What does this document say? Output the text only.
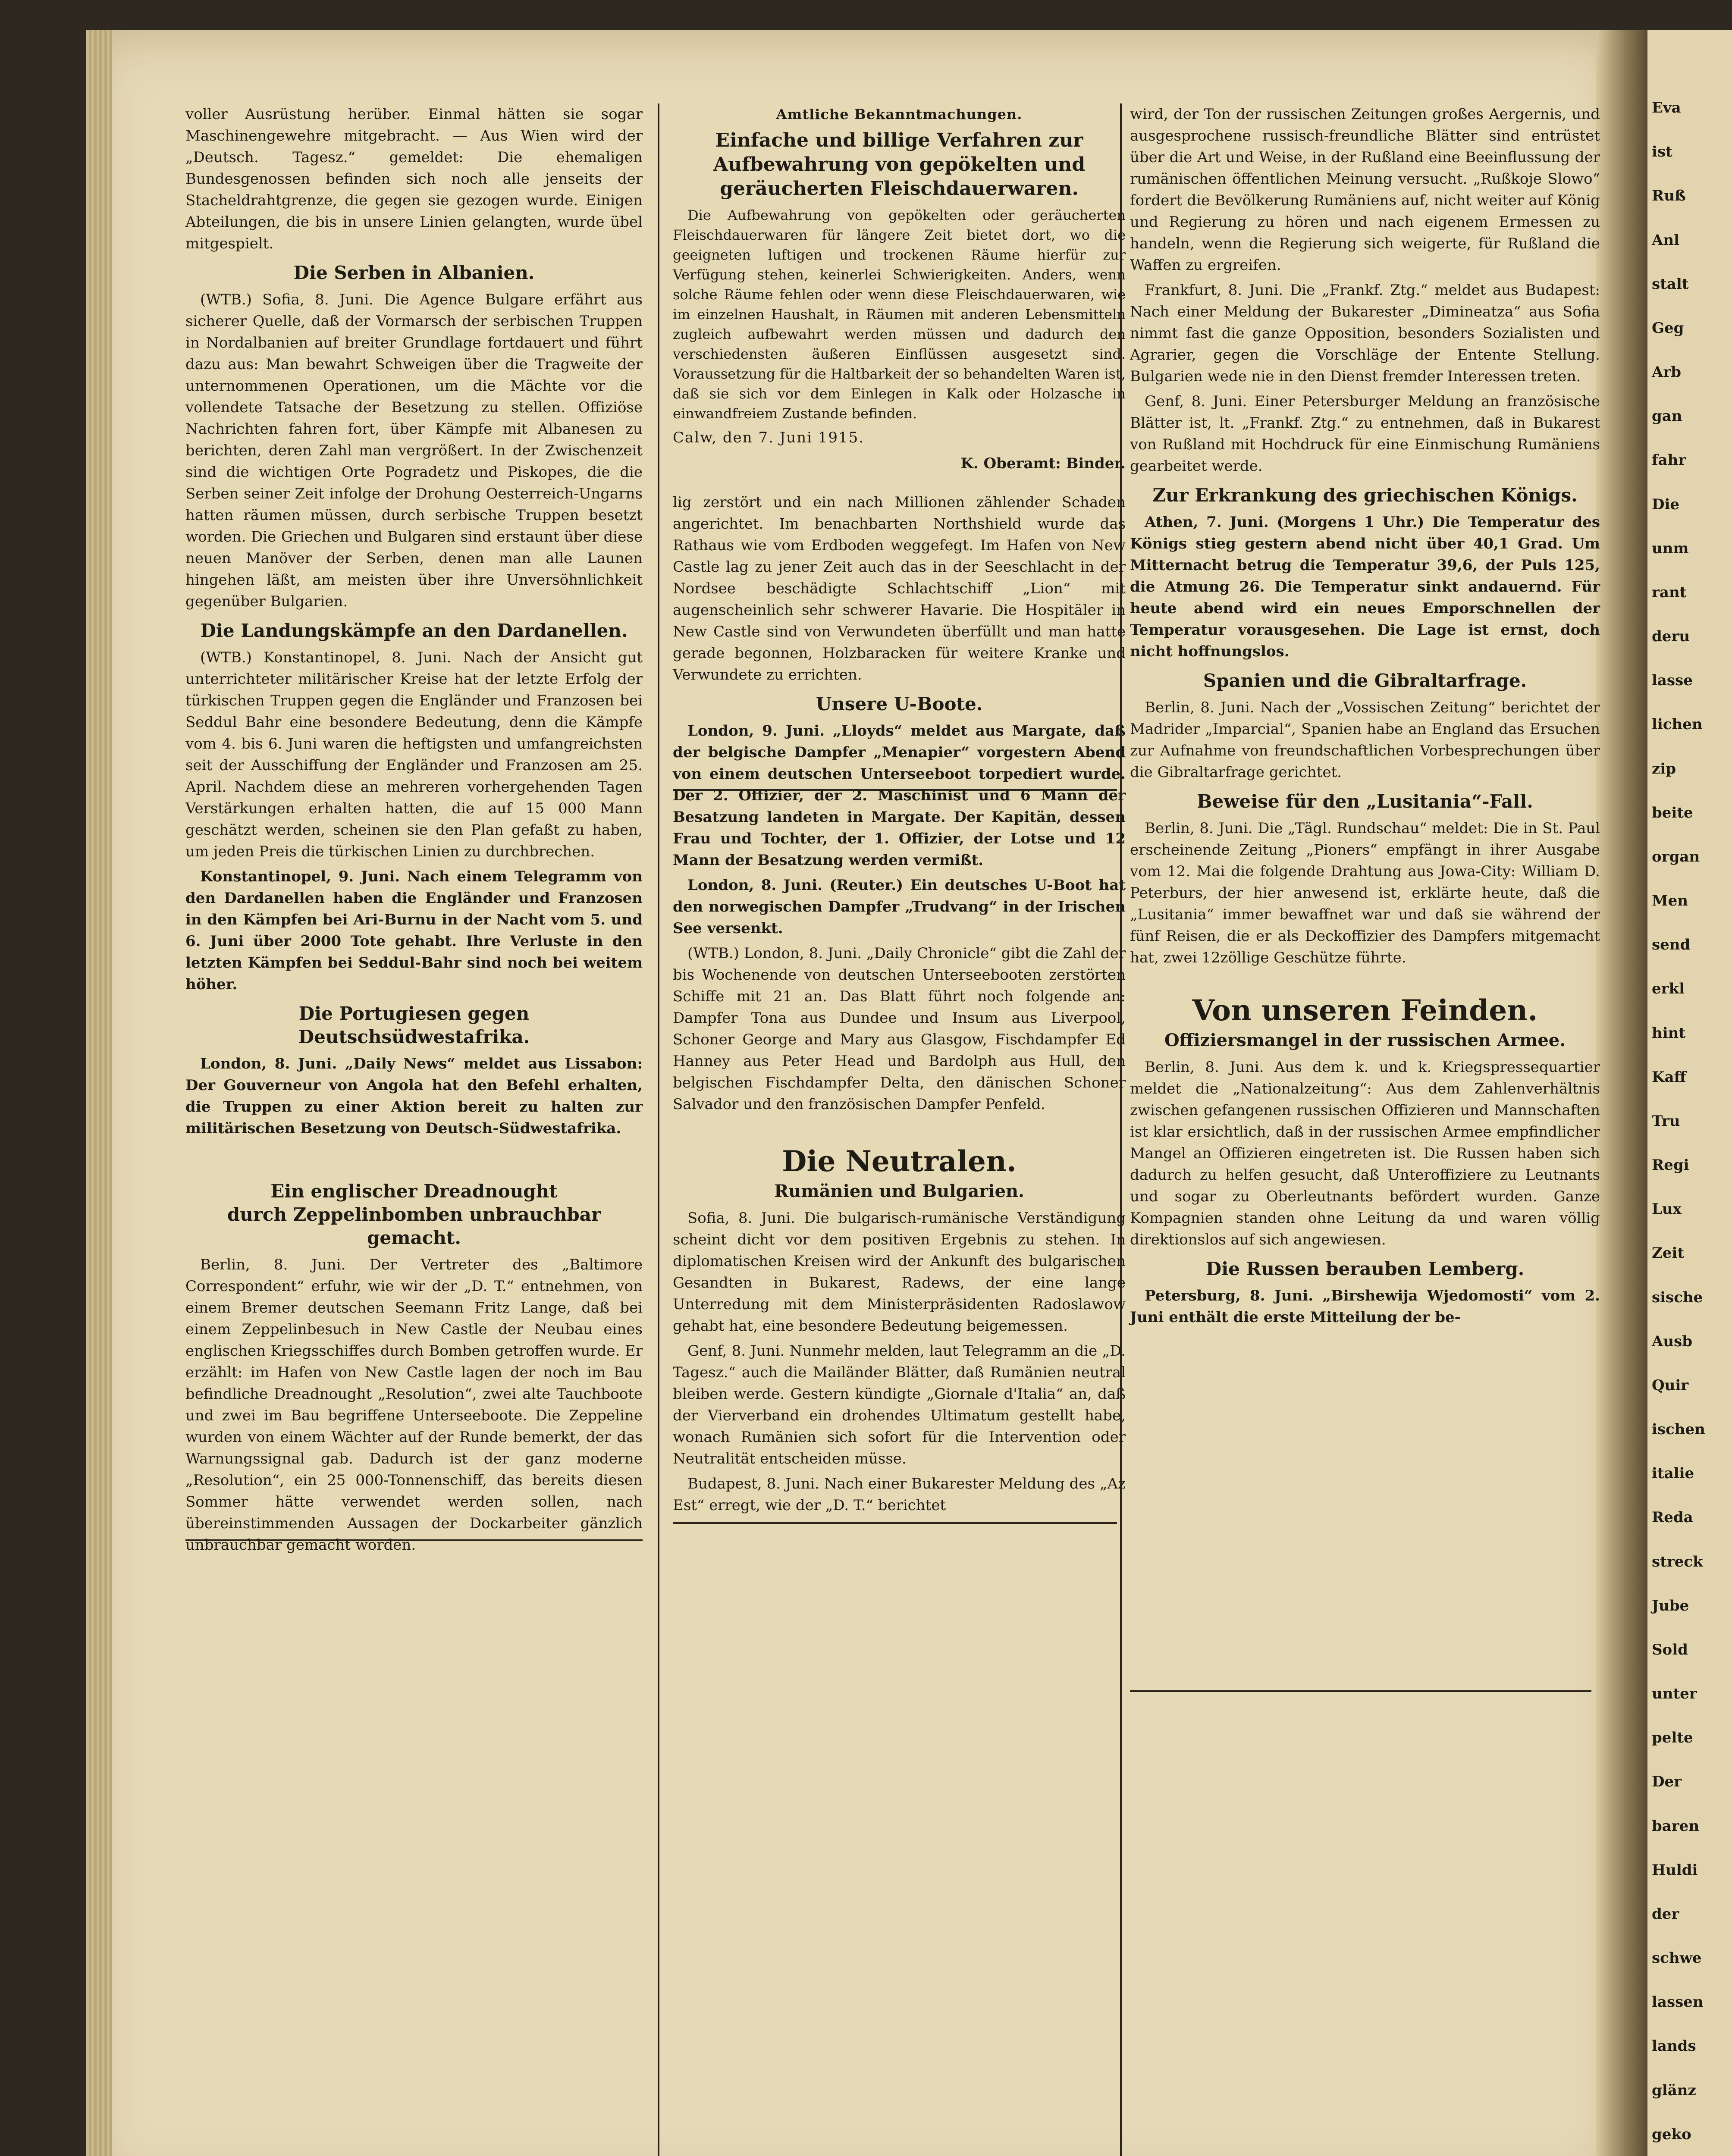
Eva
ist
Ruß
Anl
stalt
Geg
Arb
gan
fahr
Die
unm
rant
deru
lasse
lichen
zip
beite
organ
Men
send
erkl
hint
Kaff
Tru
Regi
Lux
Zeit
sische
Ausb
Quir
ischen
italie
Reda
streck
Jube
Sold
unter
pelte
Der
baren
Huldi
der
schwe
lassen
lands
glänz
geko

voller Ausrüstung herüber. Einmal hätten sie sogar Maschinengewehre mitgebracht. — Aus Wien wird der „Deutsch. Tagesz.“ gemeldet: Die ehemaligen Bundesgenossen befinden sich noch alle jenseits der Stacheldrahtgrenze, die gegen sie gezogen wurde. Einigen Abteilungen, die bis in unsere Linien gelangten, wurde übel mitgespielt.

Die Serben in Albanien.

(WTB.) Sofia, 8. Juni. Die Agence Bulgare erfährt aus sicherer Quelle, daß der Vormarsch der serbischen Truppen in Nordalbanien auf breiter Grundlage fortdauert und führt dazu aus: Man bewahrt Schweigen über die Tragweite der unternommenen Operationen, um die Mächte vor die vollendete Tatsache der Besetzung zu stellen. Offiziöse Nachrichten fahren fort, über Kämpfe mit Albanesen zu berichten, deren Zahl man vergrößert. In der Zwischenzeit sind die wichtigen Orte Pogradetz und Piskopes, die die Serben seiner Zeit infolge der Drohung Oesterreich-Ungarns hatten räumen müssen, durch serbische Truppen besetzt worden. Die Griechen und Bulgaren sind erstaunt über diese neuen Manöver der Serben, denen man alle Launen hingehen läßt, am meisten über ihre Unversöhnlichkeit gegenüber Bulgarien.

Die Landungskämpfe an den Dardanellen.

(WTB.) Konstantinopel, 8. Juni. Nach der Ansicht gut unterrichteter militärischer Kreise hat der letzte Erfolg der türkischen Truppen gegen die Engländer und Franzosen bei Seddul Bahr eine besondere Bedeutung, denn die Kämpfe vom 4. bis 6. Juni waren die heftigsten und umfangreichsten seit der Ausschiffung der Engländer und Franzosen am 25. April. Nachdem diese an mehreren vorhergehenden Tagen Verstärkungen erhalten hatten, die auf 15 000 Mann geschätzt werden, scheinen sie den Plan gefaßt zu haben, um jeden Preis die türkischen Linien zu durchbrechen.

Konstantinopel, 9. Juni. Nach einem Telegramm von den Dardanellen haben die Engländer und Franzosen in den Kämpfen bei Ari-Burnu in der Nacht vom 5. und 6. Juni über 2000 Tote gehabt. Ihre Verluste in den letzten Kämpfen bei Seddul-Bahr sind noch bei weitem höher.

Die Portugiesen gegen Deutschsüdwestafrika.

London, 8. Juni. „Daily News“ meldet aus Lissabon: Der Gouverneur von Angola hat den Befehl erhalten, die Truppen zu einer Aktion bereit zu halten zur militärischen Besetzung von Deutsch-Südwestafrika.

Ein englischer Dreadnought
durch Zeppelinbomben unbrauchbar gemacht.

Berlin, 8. Juni. Der Vertreter des „Baltimore Correspondent“ erfuhr, wie wir der „D. T.“ entnehmen, von einem Bremer deutschen Seemann Fritz Lange, daß bei einem Zeppelinbesuch in New Castle der Neubau eines englischen Kriegsschiffes durch Bomben getroffen wurde. Er erzählt: im Hafen von New Castle lagen der noch im Bau befindliche Dreadnought „Resolution“, zwei alte Tauchboote und zwei im Bau begriffene Unterseeboote. Die Zeppeline wurden von einem Wächter auf der Runde bemerkt, der das Warnungssignal gab. Dadurch ist der ganz moderne „Resolution“, ein 25 000-Tonnenschiff, das bereits diesen Sommer hätte verwendet werden sollen, nach übereinstimmenden Aussagen der Dockarbeiter gänzlich unbrauchbar gemacht worden.

Amtliche Bekanntmachungen.
Einfache und billige Verfahren zur Aufbewahrung von gepökelten und geräucherten Fleischdauerwaren.

Die Aufbewahrung von gepökelten oder geräucherten Fleischdauerwaren für längere Zeit bietet dort, wo die geeigneten luftigen und trockenen Räume hierfür zur Verfügung stehen, keinerlei Schwierigkeiten. Anders, wenn solche Räume fehlen oder wenn diese Fleischdauerwaren, wie im einzelnen Haushalt, in Räumen mit anderen Lebensmitteln zugleich aufbewahrt werden müssen und dadurch den verschiedensten äußeren Einflüssen ausgesetzt sind. Voraussetzung für die Haltbarkeit der so behandelten Waren ist, daß sie sich vor dem Einlegen in Kalk oder Holzasche in einwandfreiem Zustande befinden.

Calw, den 7. Juni 1915.
K. Oberamt: Binder.

lig zerstört und ein nach Millionen zählender Schaden angerichtet. Im benachbarten Northshield wurde das Rathaus wie vom Erdboden weggefegt. Im Hafen von New Castle lag zu jener Zeit auch das in der Seeschlacht in der Nordsee beschädigte Schlachtschiff „Lion“ mit augenscheinlich sehr schwerer Havarie. Die Hospitäler in New Castle sind von Verwundeten überfüllt und man hatte gerade begonnen, Holzbaracken für weitere Kranke und Verwundete zu errichten.

Unsere U-Boote.

London, 9. Juni. „Lloyds“ meldet aus Margate, daß der belgische Dampfer „Menapier“ vorgestern Abend von einem deutschen Unterseeboot torpediert wurde. Der 2. Offizier, der 2. Maschinist und 6 Mann der Besatzung landeten in Margate. Der Kapitän, dessen Frau und Tochter, der 1. Offizier, der Lotse und 12 Mann der Besatzung werden vermißt.

London, 8. Juni. (Reuter.) Ein deutsches U-Boot hat den norwegischen Dampfer „Trudvang“ in der Irischen See versenkt.

(WTB.) London, 8. Juni. „Daily Chronicle“ gibt die Zahl der bis Wochenende von deutschen Unterseebooten zerstörten Schiffe mit 21 an. Das Blatt führt noch folgende an: Dampfer Tona aus Dundee und Insum aus Liverpool, Schoner George and Mary aus Glasgow, Fischdampfer Ed Hanney aus Peter Head und Bardolph aus Hull, den belgischen Fischdampfer Delta, den dänischen Schoner Salvador und den französischen Dampfer Penfeld.

Die Neutralen.
Rumänien und Bulgarien.

Sofia, 8. Juni. Die bulgarisch-rumänische Verständigung scheint dicht vor dem positiven Ergebnis zu stehen. In diplomatischen Kreisen wird der Ankunft des bulgarischen Gesandten in Bukarest, Radews, der eine lange Unterredung mit dem Ministerpräsidenten Radoslawow gehabt hat, eine besondere Bedeutung beigemessen.

Genf, 8. Juni. Nunmehr melden, laut Telegramm an die „D. Tagesz.“ auch die Mailänder Blätter, daß Rumänien neutral bleiben werde. Gestern kündigte „Giornale d'Italia“ an, daß der Vierverband ein drohendes Ultimatum gestellt habe, wonach Rumänien sich sofort für die Intervention oder Neutralität entscheiden müsse.

Budapest, 8. Juni. Nach einer Bukarester Meldung des „Az Est“ erregt, wie der „D. T.“ berichtet

wird, der Ton der russischen Zeitungen großes Aergernis, und ausgesprochene russisch-freundliche Blätter sind entrüstet über die Art und Weise, in der Rußland eine Beeinflussung der rumänischen öffentlichen Meinung versucht. „Rußkoje Slowo“ fordert die Bevölkerung Rumäniens auf, nicht weiter auf König und Regierung zu hören und nach eigenem Ermessen zu handeln, wenn die Regierung sich weigerte, für Rußland die Waffen zu ergreifen.

Frankfurt, 8. Juni. Die „Frankf. Ztg.“ meldet aus Budapest: Nach einer Meldung der Bukarester „Dimineatza“ aus Sofia nimmt fast die ganze Opposition, besonders Sozialisten und Agrarier, gegen die Vorschläge der Entente Stellung. Bulgarien wede nie in den Dienst fremder Interessen treten.

Genf, 8. Juni. Einer Petersburger Meldung an französische Blätter ist, lt. „Frankf. Ztg.“ zu entnehmen, daß in Bukarest von Rußland mit Hochdruck für eine Einmischung Rumäniens gearbeitet werde.

Zur Erkrankung des griechischen Königs.

Athen, 7. Juni. (Morgens 1 Uhr.) Die Temperatur des Königs stieg gestern abend nicht über 40,1 Grad. Um Mitternacht betrug die Temperatur 39,6, der Puls 125, die Atmung 26. Die Temperatur sinkt andauernd. Für heute abend wird ein neues Emporschnellen der Temperatur vorausgesehen. Die Lage ist ernst, doch nicht hoffnungslos.

Spanien und die Gibraltarfrage.

Berlin, 8. Juni. Nach der „Vossischen Zeitung“ berichtet der Madrider „Imparcial“, Spanien habe an England das Ersuchen zur Aufnahme von freundschaftlichen Vorbesprechungen über die Gibraltarfrage gerichtet.

Beweise für den „Lusitania“-Fall.

Berlin, 8. Juni. Die „Tägl. Rundschau“ meldet: Die in St. Paul erscheinende Zeitung „Pioners“ empfängt in ihrer Ausgabe vom 12. Mai die folgende Drahtung aus Jowa-City: William D. Peterburs, der hier anwesend ist, erklärte heute, daß die „Lusitania“ immer bewaffnet war und daß sie während der fünf Reisen, die er als Deckoffizier des Dampfers mitgemacht hat, zwei 12zöllige Geschütze führte.

Von unseren Feinden.
Offiziersmangel in der russischen Armee.

Berlin, 8. Juni. Aus dem k. und k. Kriegspressequartier meldet die „Nationalzeitung“: Aus dem Zahlenverhältnis zwischen gefangenen russischen Offizieren und Mannschaften ist klar ersichtlich, daß in der russischen Armee empfindlicher Mangel an Offizieren eingetreten ist. Die Russen haben sich dadurch zu helfen gesucht, daß Unteroffiziere zu Leutnants und sogar zu Oberleutnants befördert wurden. Ganze Kompagnien standen ohne Leitung da und waren völlig direktionslos auf sich angewiesen.

Die Russen berauben Lemberg.

Petersburg, 8. Juni. „Birshewija Wjedomosti“ vom 2. Juni enthält die erste Mitteilung der be-
